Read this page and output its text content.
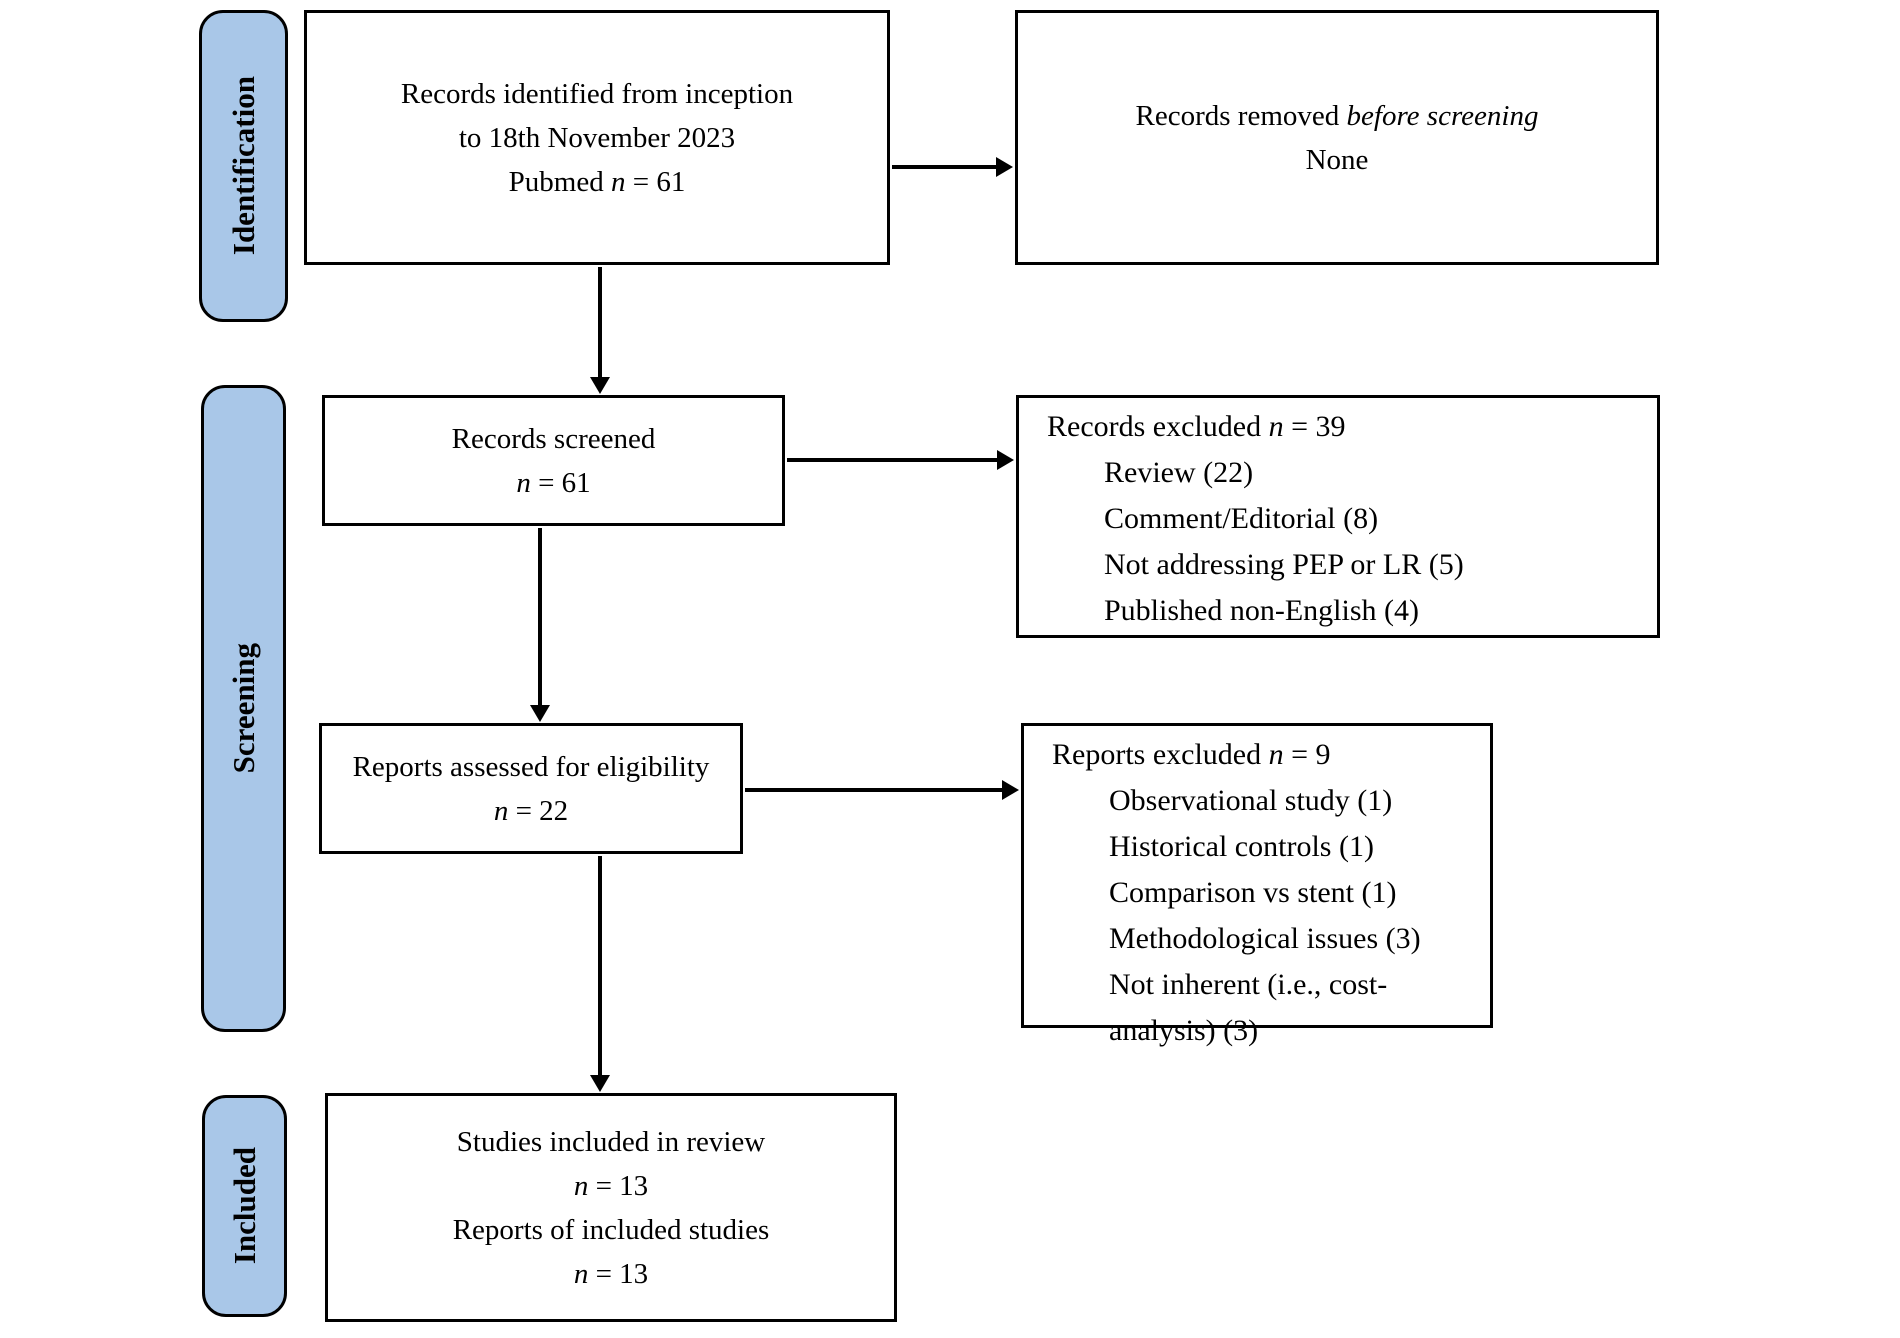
Identification
Screening
Included
Records identified from inception
to 18th November 2023
Pubmed n = 61
Records screened
n = 61
Reports assessed for eligibility
n = 22
Studies included in review
n = 13
Reports of included studies
n = 13
Records removed before screening
None
Records excluded n = 39
Review (22)
Comment/Editorial (8)
Not addressing PEP or LR (5)
Published non-English (4)
Reports excluded n = 9
Observational study (1)
Historical controls (1)
Comparison vs stent (1)
Methodological issues (3)
Not inherent (i.e., cost-analysis) (3)
